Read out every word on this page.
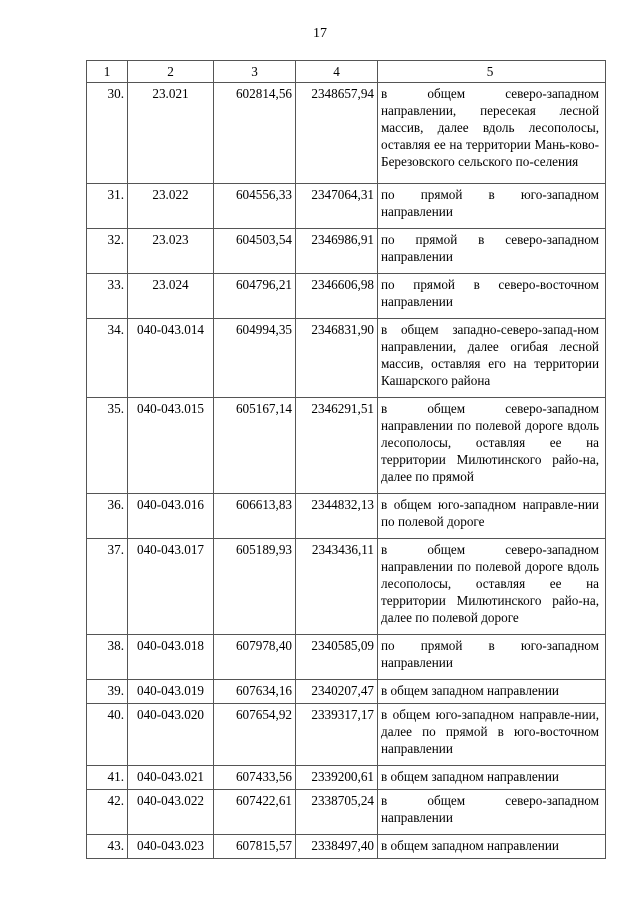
17
1	2	3	4	5
30.	23.021	602814,56	2348657,94	в общем северо-западном направлении, пересекая лесной массив, далее вдоль лесополосы, оставляя ее на территории Мань-ково-Березовского сельского по-селения
31.	23.022	604556,33	2347064,31	по прямой в юго-западном направлении
32.	23.023	604503,54	2346986,91	по прямой в северо-западном направлении
33.	23.024	604796,21	2346606,98	по прямой в северо-восточном направлении
34.	040-043.014	604994,35	2346831,90	в общем западно-северо-запад-ном направлении, далее огибая лесной массив, оставляя его на территории Кашарского района
35.	040-043.015	605167,14	2346291,51	в общем северо-западном направлении по полевой дороге вдоль лесополосы, оставляя ее на территории Милютинского райо-на, далее по прямой
36.	040-043.016	606613,83	2344832,13	в общем юго-западном направле-нии по полевой дороге
37.	040-043.017	605189,93	2343436,11	в общем северо-западном направлении по полевой дороге вдоль лесополосы, оставляя ее на территории Милютинского райо-на, далее по полевой дороге
38.	040-043.018	607978,40	2340585,09	по прямой в юго-западном направлении
39.	040-043.019	607634,16	2340207,47	в общем западном направлении
40.	040-043.020	607654,92	2339317,17	в общем юго-западном направле-нии, далее по прямой в юго-восточном направлении
41.	040-043.021	607433,56	2339200,61	в общем западном направлении
42.	040-043.022	607422,61	2338705,24	в общем северо-западном направлении
43.	040-043.023	607815,57	2338497,40	в общем западном направлении
